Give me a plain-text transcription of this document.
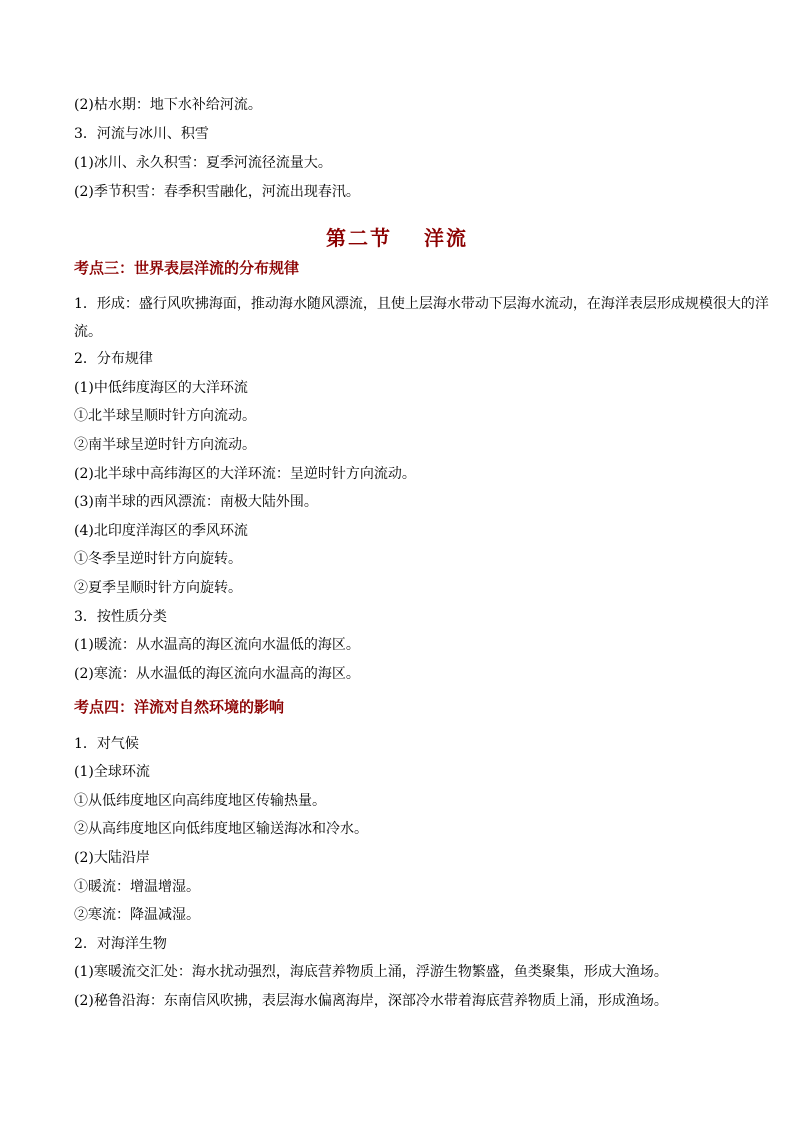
(2)枯水期：地下水补给河流。
3．河流与冰川、积雪
(1)冰川、永久积雪：夏季河流径流量大。
(2)季节积雪：春季积雪融化，河流出现春汛。
第二节 洋流
考点三：世界表层洋流的分布规律
1．形成：盛行风吹拂海面，推动海水随风漂流，且使上层海水带动下层海水流动，在海洋表层形成规模很大的洋流。
2．分布规律
(1)中低纬度海区的大洋环流
①北半球呈顺时针方向流动。
②南半球呈逆时针方向流动。
(2)北半球中高纬海区的大洋环流：呈逆时针方向流动。
(3)南半球的西风漂流：南极大陆外围。
(4)北印度洋海区的季风环流
①冬季呈逆时针方向旋转。
②夏季呈顺时针方向旋转。
3．按性质分类
(1)暖流：从水温高的海区流向水温低的海区。
(2)寒流：从水温低的海区流向水温高的海区。
考点四：洋流对自然环境的影响
1．对气候
(1)全球环流
①从低纬度地区向高纬度地区传输热量。
②从高纬度地区向低纬度地区输送海冰和冷水。
(2)大陆沿岸
①暖流：增温增湿。
②寒流：降温减湿。
2．对海洋生物
(1)寒暖流交汇处：海水扰动强烈，海底营养物质上涌，浮游生物繁盛，鱼类聚集，形成大渔场。
(2)秘鲁沿海：东南信风吹拂，表层海水偏离海岸，深部冷水带着海底营养物质上涌，形成渔场。
